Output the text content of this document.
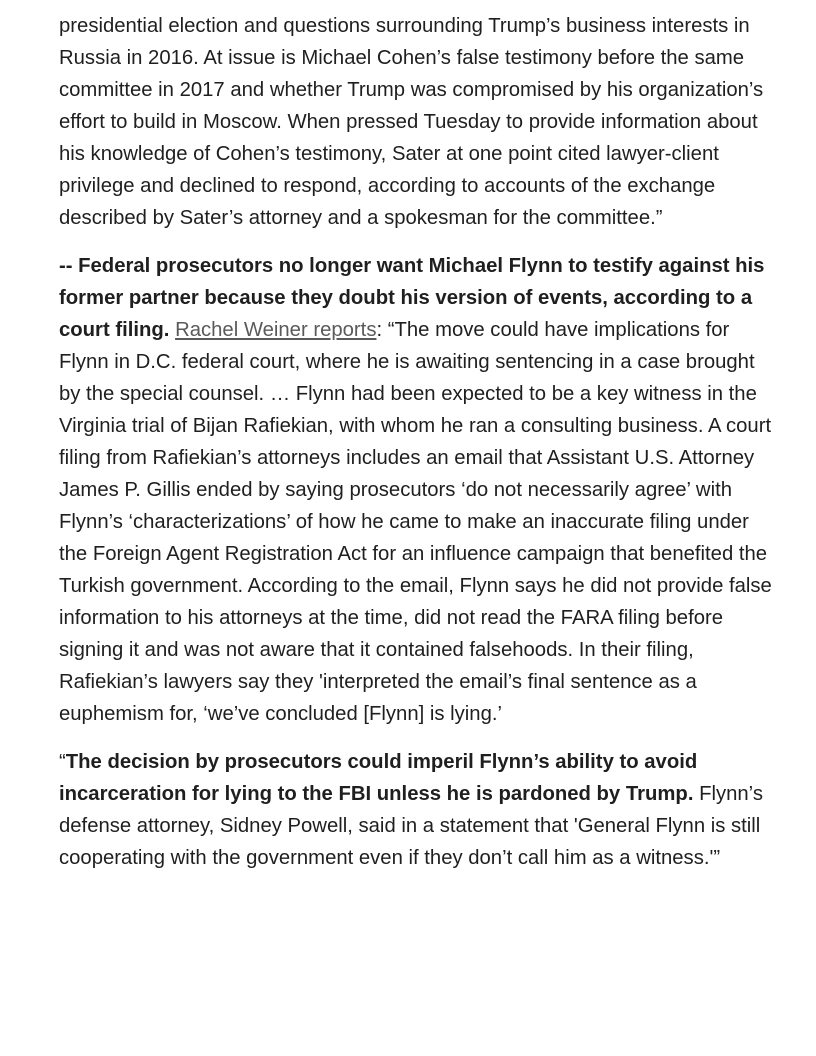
presidential election and questions surrounding Trump’s business interests in Russia in 2016. At issue is Michael Cohen’s false testimony before the same committee in 2017 and whether Trump was compromised by his organization’s effort to build in Moscow. When pressed Tuesday to provide information about his knowledge of Cohen’s testimony, Sater at one point cited lawyer-client privilege and declined to respond, according to accounts of the exchange described by Sater’s attorney and a spokesman for the committee.”

-- Federal prosecutors no longer want Michael Flynn to testify against his former partner because they doubt his version of events, according to a court filing. Rachel Weiner reports: “The move could have implications for Flynn in D.C. federal court, where he is awaiting sentencing in a case brought by the special counsel. … Flynn had been expected to be a key witness in the Virginia trial of Bijan Rafiekian, with whom he ran a consulting business. A court filing from Rafiekian’s attorneys includes an email that Assistant U.S. Attorney James P. Gillis ended by saying prosecutors ‘do not necessarily agree’ with Flynn’s ‘characterizations’ of how he came to make an inaccurate filing under the Foreign Agent Registration Act for an influence campaign that benefited the Turkish government. According to the email, Flynn says he did not provide false information to his attorneys at the time, did not read the FARA filing before signing it and was not aware that it contained falsehoods. In their filing, Rafiekian’s lawyers say they 'interpreted the email’s final sentence as a euphemism for, ‘we’ve concluded [Flynn] is lying.’

“The decision by prosecutors could imperil Flynn’s ability to avoid incarceration for lying to the FBI unless he is pardoned by Trump. Flynn’s defense attorney, Sidney Powell, said in a statement that 'General Flynn is still cooperating with the government even if they don’t call him as a witness.'”
